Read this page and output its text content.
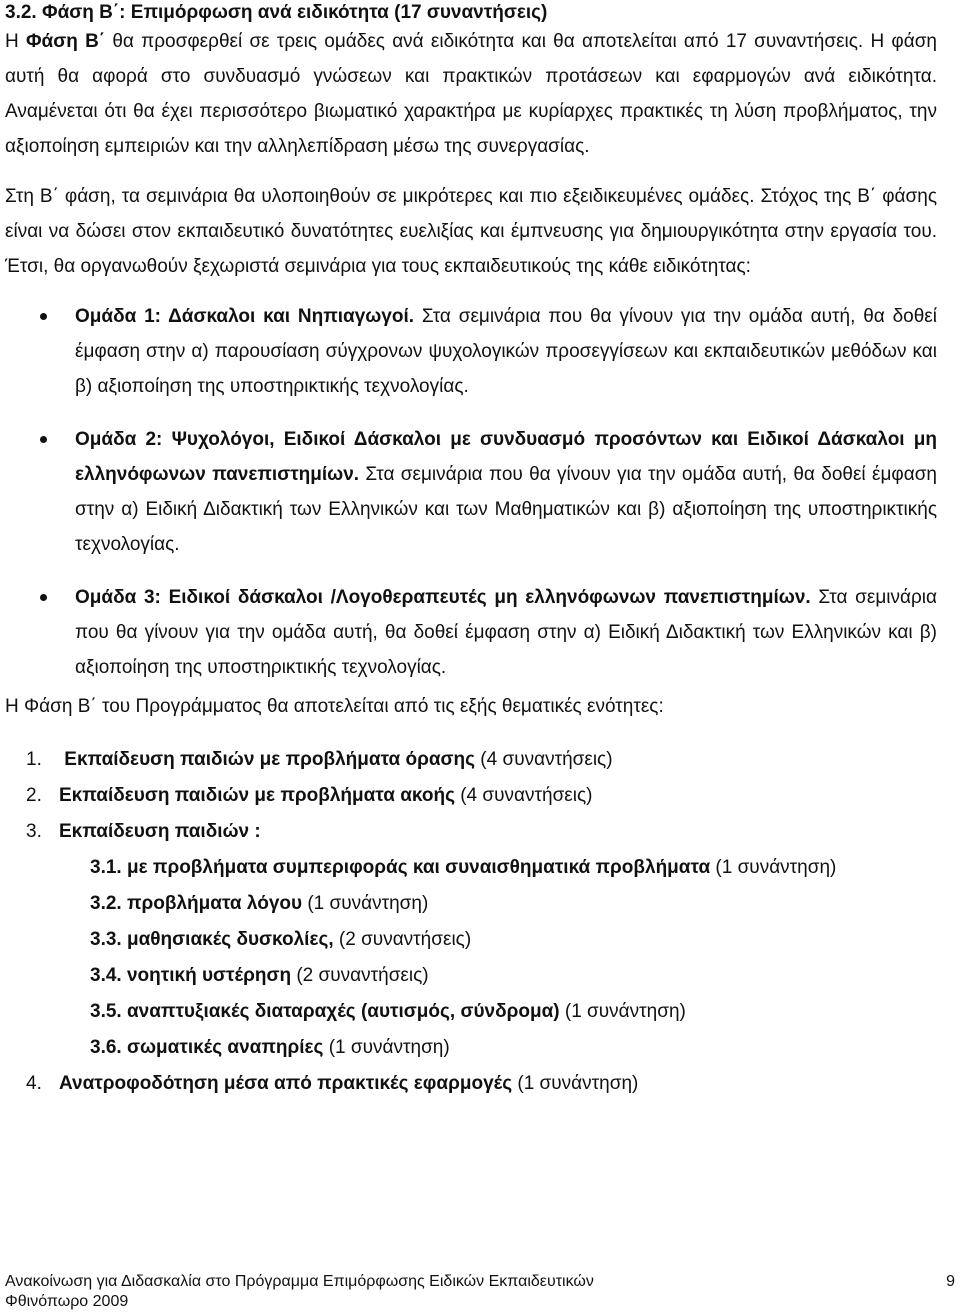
3.2. Φάση Β΄: Επιμόρφωση ανά ειδικότητα (17 συναντήσεις)

Η Φάση Β΄ θα προσφερθεί σε τρεις ομάδες ανά ειδικότητα και θα αποτελείται από 17 συναντήσεις. Η φάση αυτή θα αφορά στο συνδυασμό γνώσεων και πρακτικών προτάσεων και εφαρμογών ανά ειδικότητα. Αναμένεται ότι θα έχει περισσότερο βιωματικό χαρακτήρα με κυρίαρχες πρακτικές τη λύση προβλήματος, την αξιοποίηση εμπειριών και την αλληλεπίδραση μέσω της συνεργασίας.

Στη Β΄ φάση, τα σεμινάρια θα υλοποιηθούν σε μικρότερες και πιο εξειδικευμένες ομάδες. Στόχος της Β΄ φάσης είναι να δώσει στον εκπαιδευτικό δυνατότητες ευελιξίας και έμπνευσης για δημιουργικότητα στην εργασία του. Έτσι, θα οργανωθούν ξεχωριστά σεμινάρια για τους εκπαιδευτικούς της κάθε ειδικότητας:

Ομάδα 1: Δάσκαλοι και Νηπιαγωγοί. Στα σεμινάρια που θα γίνουν για την ομάδα αυτή, θα δοθεί έμφαση στην α) παρουσίαση σύγχρονων ψυχολογικών προσεγγίσεων και εκπαιδευτικών μεθόδων και β) αξιοποίηση της υποστηρικτικής τεχνολογίας.
Ομάδα 2: Ψυχολόγοι, Ειδικοί Δάσκαλοι με συνδυασμό προσόντων και Ειδικοί Δάσκαλοι μη ελληνόφωνων πανεπιστημίων. Στα σεμινάρια που θα γίνουν για την ομάδα αυτή, θα δοθεί έμφαση στην α) Ειδική Διδακτική των Ελληνικών και των Μαθηματικών και β) αξιοποίηση της υποστηρικτικής τεχνολογίας.
Ομάδα 3: Ειδικοί δάσκαλοι /Λογοθεραπευτές μη ελληνόφωνων πανεπιστημίων. Στα σεμινάρια που θα γίνουν για την ομάδα αυτή, θα δοθεί έμφαση στην α) Ειδική Διδακτική των Ελληνικών και β) αξιοποίηση της υποστηρικτικής τεχνολογίας.

Η Φάση Β΄ του Προγράμματος θα αποτελείται από τις εξής θεματικές ενότητες:

1. Εκπαίδευση παιδιών με προβλήματα όρασης (4 συναντήσεις)
2. Εκπαίδευση παιδιών με προβλήματα ακοής (4 συναντήσεις)
3. Εκπαίδευση παιδιών :
3.1. με προβλήματα συμπεριφοράς και συναισθηματικά προβλήματα (1 συνάντηση)
3.2. προβλήματα λόγου (1 συνάντηση)
3.3. μαθησιακές δυσκολίες, (2 συναντήσεις)
3.4. νοητική υστέρηση (2 συναντήσεις)
3.5. αναπτυξιακές διαταραχές (αυτισμός, σύνδρομα) (1 συνάντηση)
3.6. σωματικές αναπηρίες (1 συνάντηση)
4. Ανατροφοδότηση μέσα από πρακτικές εφαρμογές (1 συνάντηση)
Ανακοίνωση για Διδασκαλία στο Πρόγραμμα Επιμόρφωσης Ειδικών Εκπαιδευτικών
Φθινόπωρο 2009
9
